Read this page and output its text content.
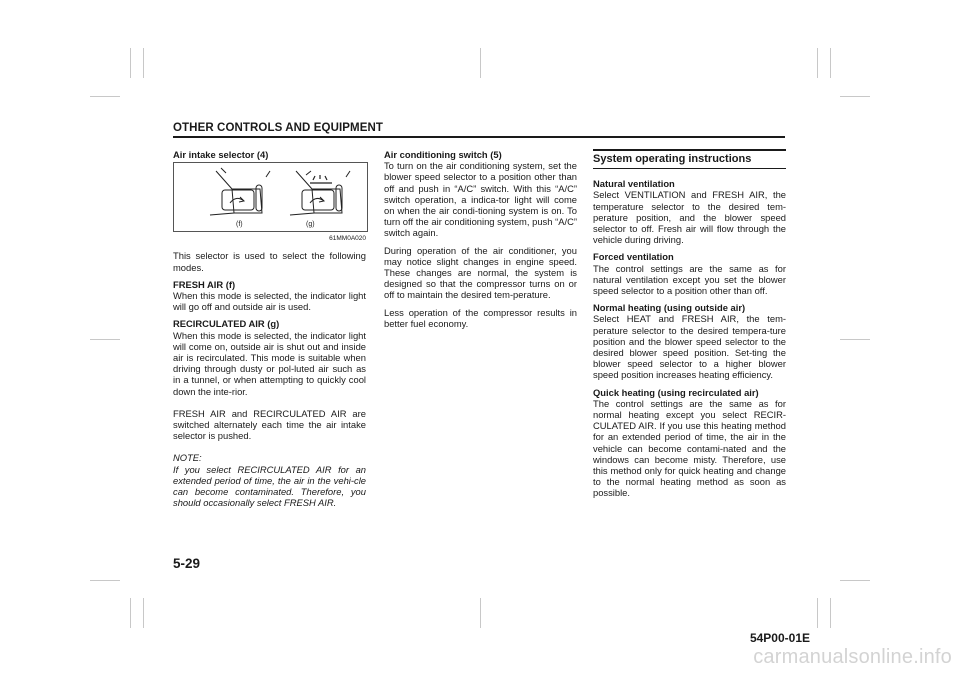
OTHER CONTROLS AND EQUIPMENT
Air intake selector (4)
(f)	(g)
61MM0A020

This selector is used to select the following modes.

FRESH AIR (f)

When this mode is selected, the indicator light will go off and outside air is used.

RECIRCULATED AIR (g)

When this mode is selected, the indicator light will come on, outside air is shut out and inside air is recirculated. This mode is suitable when driving through dusty or pol-luted air such as in a tunnel, or when attempting to quickly cool down the inte-rior.

FRESH AIR and RECIRCULATED AIR are switched alternately each time the air intake selector is pushed.

NOTE:

If you select RECIRCULATED AIR for an extended period of time, the air in the vehi-cle can become contaminated. Therefore, you should occasionally select FRESH AIR.

Air conditioning switch (5)

To turn on the air conditioning system, set the blower speed selector to a position other than off and push in “A/C” switch. With this “A/C” switch operation, a indica-tor light will come on when the air condi-tioning system is on. To turn off the air conditioning system, push “A/C” switch again.

During operation of the air conditioner, you may notice slight changes in engine speed. These changes are normal, the system is designed so that the compressor turns on or off to maintain the desired tem-perature.

Less operation of the compressor results in better fuel economy.

System operating instructions
Natural ventilation

Select VENTILATION and FRESH AIR, the temperature selector to the desired tem-perature position, and the blower speed selector to off. Fresh air will flow through the vehicle during driving.

Forced ventilation

The control settings are the same as for natural ventilation except you set the blower speed selector to a position other than off.

Normal heating (using outside air)

Select HEAT and FRESH AIR, the tem-perature selector to the desired tempera-ture position and the blower speed selector to the desired blower speed position. Set-ting the blower speed selector to a higher blower speed position increases heating efficiency.

Quick heating (using recirculated air)

The control settings are the same as for normal heating except you select RECIR-CULATED AIR. If you use this heating method for an extended period of time, the air in the vehicle can become contami-nated and the windows can become misty. Therefore, use this method only for quick heating and change to the normal heating method as soon as possible.

5-29
54P00-01E
carmanualsonline.info
